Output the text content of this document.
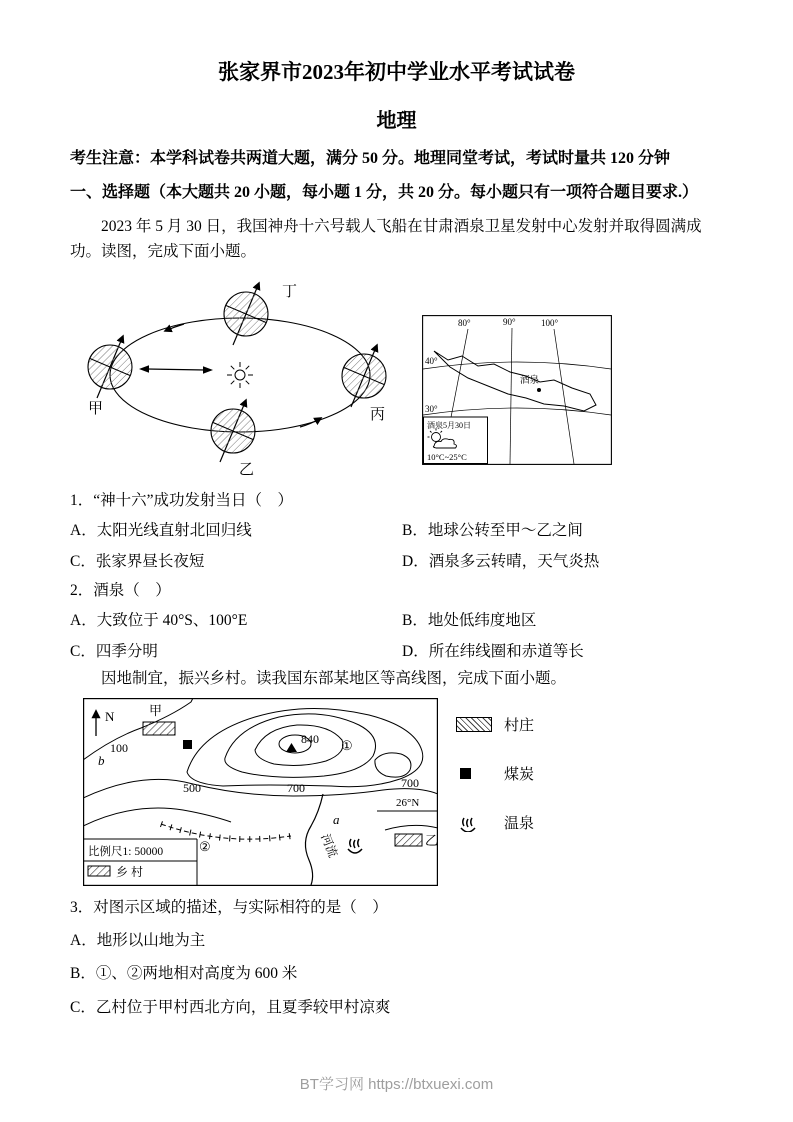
张家界市2023年初中学业水平考试试卷
地理

考生注意：本学科试卷共两道大题，满分 50 分。地理同堂考试，考试时量共 120 分钟

一、选择题（本大题共 20 小题，每小题 1 分，共 20 分。每小题只有一项符合题目要求.）

2023 年 5 月 30 日，我国神舟十六号载人飞船在甘肃酒泉卫星发射中心发射并取得圆满成功。读图，完成下面小题。

甲
丁
丙
乙
80°	90°	100°
40°
30°
酒泉
酒泉5月30日
10°C~25°C

1．“神十六”成功发射当日（　）

A．太阳光线直射北回归线	B．地球公转至甲～乙之间
C．张家界昼长夜短	D．酒泉多云转晴，天气炎热

2．酒泉（　）

A．大致位于 40°S、100°E	B．地处低纬度地区
C．四季分明	D．所在纬线圈和赤道等长

因地制宜，振兴乡村。读我国东部某地区等高线图，完成下面小题。

N
26°N
甲
100
b
500	700
840 ①
700
a
②	河流	乙
比例尺1: 50000
乡 村
村庄
煤炭
温泉

3．对图示区域的描述，与实际相符的是（　）

A．地形以山地为主

B．①、②两地相对高度为 600 米

C．乙村位于甲村西北方向，且夏季较甲村凉爽

BT学习网 https://btxuexi.com
